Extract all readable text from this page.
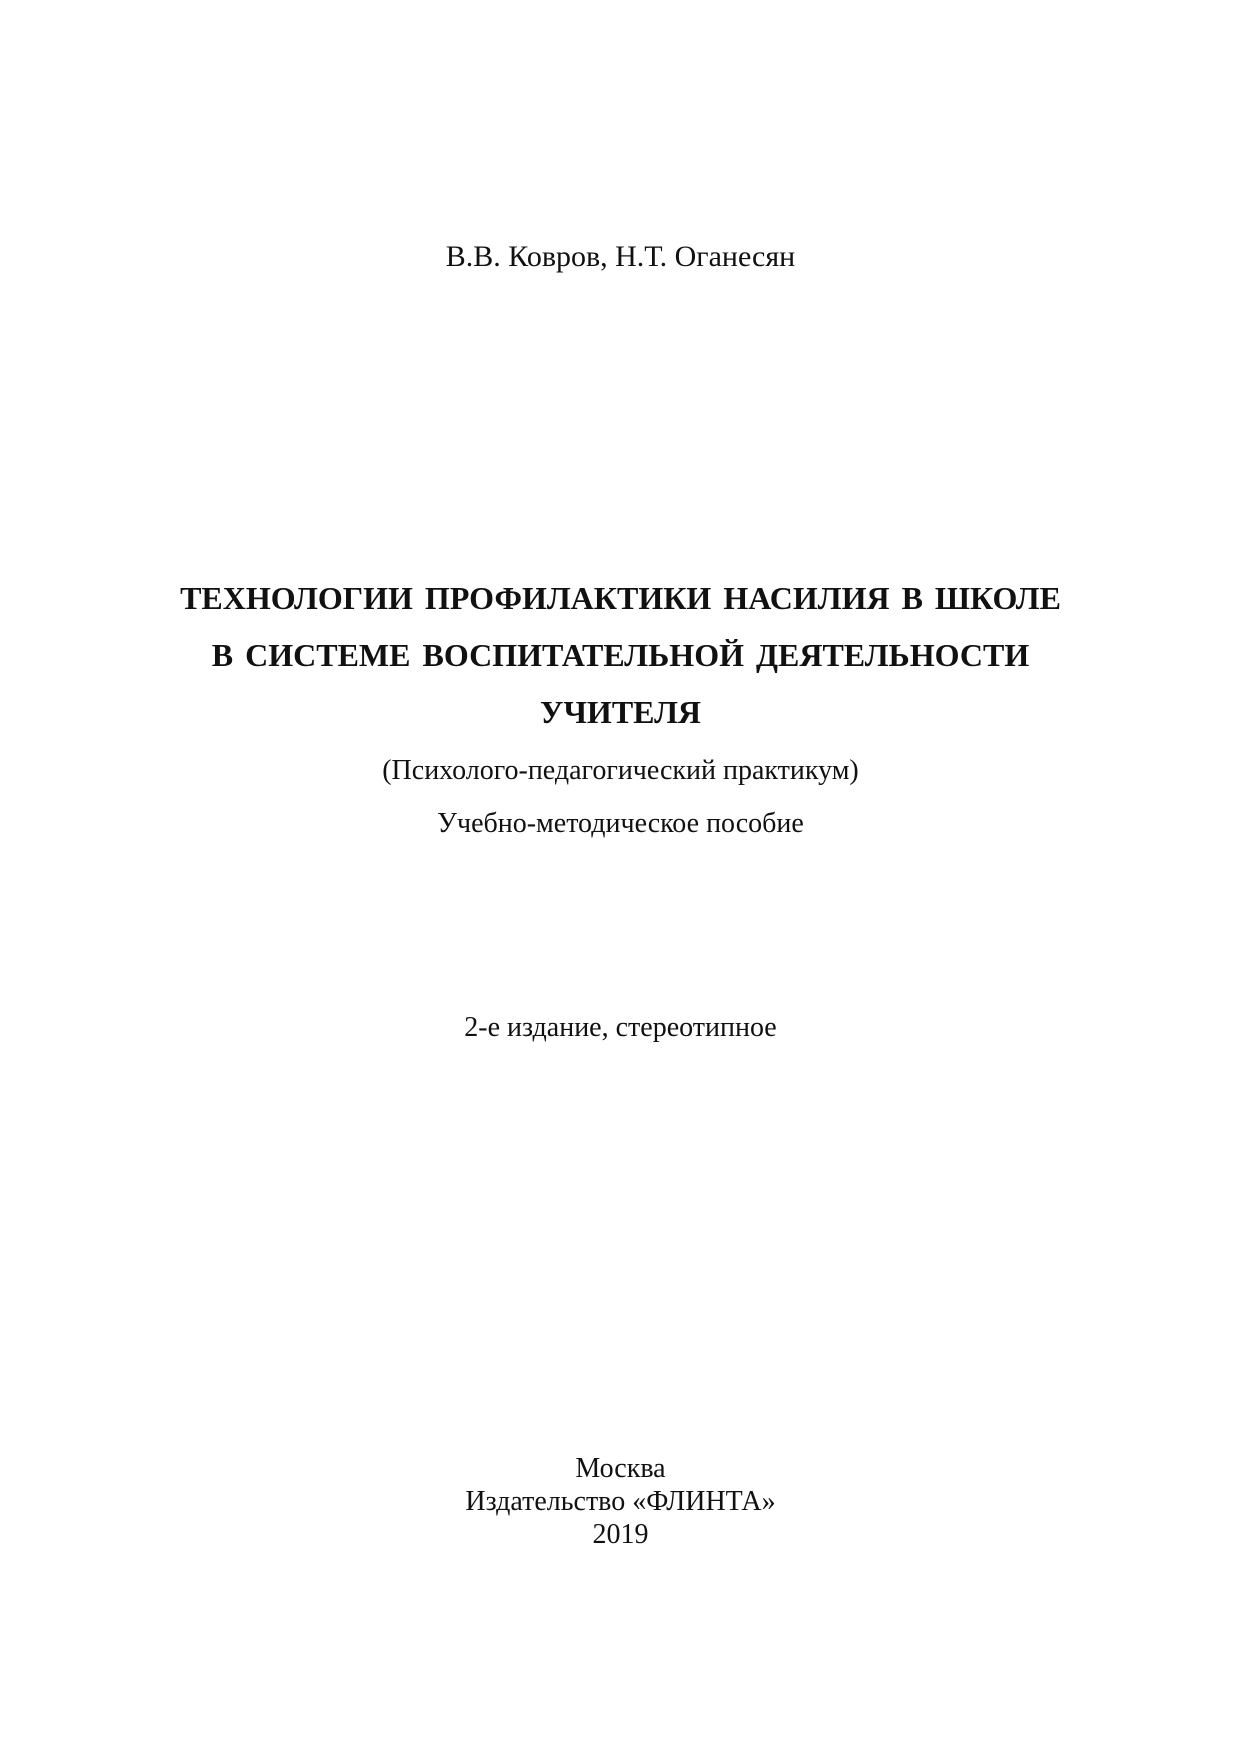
В.В. Ковров, Н.Т. Оганесян
ТЕХНОЛОГИИ ПРОФИЛАКТИКИ НАСИЛИЯ В ШКОЛЕ
В СИСТЕМЕ ВОСПИТАТЕЛЬНОЙ ДЕЯТЕЛЬНОСТИ
УЧИТЕЛЯ
(Психолого-педагогический практикум)
Учебно-методическое пособие
2-е издание, стереотипное
Москва
Издательство «ФЛИНТА»
2019
